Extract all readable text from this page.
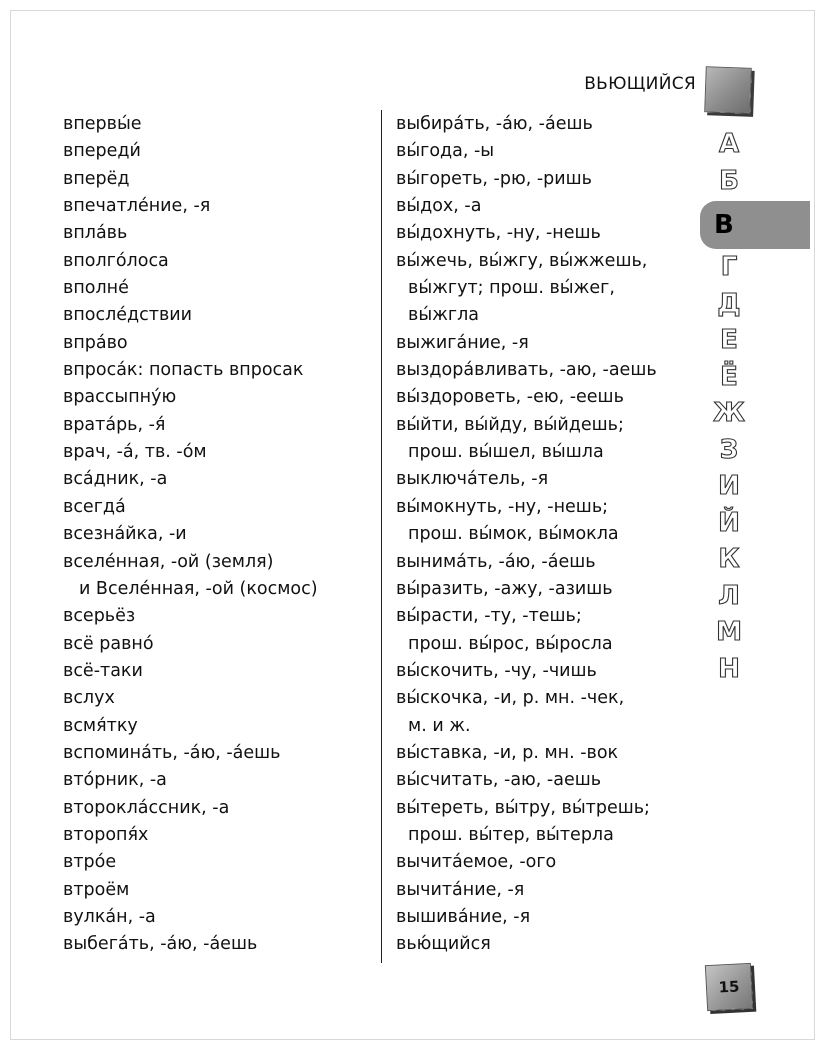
ВЬЮЩИЙСЯ
впервы́е
впереди́
вперёд
впечатле́ние, -я
впла́вь
вполго́лоса
вполне́
впосле́дствии
впра́во
впроса́к: попасть впросак
врассыпну́ю
врата́рь, -я́
врач, -а́, тв. -о́м
вса́дник, -а
всегда́
всезна́йка, -и
вселе́нная, -ой (земля)
и Вселе́нная, -ой (космос)
всерьёз
всё равно́
всё-таки
вслух
всмя́тку
вспомина́ть, -а́ю, -а́ешь
вто́рник, -а
второкла́ссник, -а
второпя́х
втро́е
втроём
вулка́н, -а
выбега́ть, -а́ю, -а́ешь
выбира́ть, -а́ю, -а́ешь
вы́года, -ы
вы́гореть, -рю, -ришь
вы́дох, -а
вы́дохнуть, -ну, -нешь
вы́жечь, вы́жгу, вы́жжешь,
вы́жгут; прош. вы́жег,
вы́жгла
выжига́ние, -я
выздора́вливать, -аю, -аешь
вы́здороветь, -ею, -еешь
вы́йти, вы́йду, вы́йдешь;
прош. вы́шел, вы́шла
выключа́тель, -я
вы́мокнуть, -ну, -нешь;
прош. вы́мок, вы́мокла
вынима́ть, -а́ю, -а́ешь
вы́разить, -ажу, -азишь
вы́расти, -ту, -тешь;
прош. вы́рос, вы́росла
вы́скочить, -чу, -чишь
вы́скочка, -и, р. мн. -чек,
м. и ж.
вы́ставка, -и, р. мн. -вок
вы́считать, -аю, -аешь
вы́тереть, вы́тру, вы́трешь;
прош. вы́тер, вы́терла
вычита́емое, -ого
вычита́ние, -я
вышива́ние, -я
вью́щийся
А
Б
В
Г
Д
Е
Ё
Ж
З
И
Й
К
Л
М
Н
15
